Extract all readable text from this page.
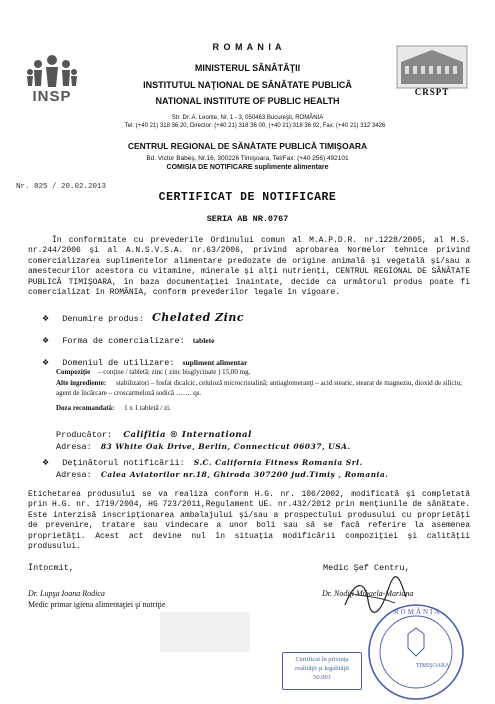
INSP	CRSPT
R O M A N I A
MINISTERUL SĂNĂTĂŢII
INSTITUTUL NAŢIONAL DE SĂNĂTATE PUBLICĂ
NATIONAL INSTITUTE OF PUBLIC HEALTH
Str. Dr. A. Leonte, Nr. 1 - 3, 050463 Bucureşti, ROMÂNIA
Tel: (+40 21) 318 36 20, Director: (+40 21) 318 36 00, (+40 21) 318 36 02, Fax: (+40 21) 312 3426
CENTRUL REGIONAL DE SĂNĂTATE PUBLICĂ TIMIŞOARA
Bd. Victor Babeş, Nr.16, 300226 Timişoara, Tel/Fax: (+40 256) 492101
COMISIA DE NOTIFICARE suplimente alimentare
Nr. 825 / 20.02.2013
CERTIFICAT DE NOTIFICARE
SERIA AB NR.0767
În conformitate cu prevederile Ordinului comun al M.A.P.D.R. nr.1228/2005, al M.S. nr.244/2006 şi al A.N.S.V.S.A. nr.63/2006, privind aprobarea Normelor tehnice privind comercializarea suplimentelor alimentare predozate de origine animală şi vegetală şi/sau a amestecurilor acestora cu vitamine, minerale şi alţi nutrienţi, CENTRUL REGIONAL DE SĂNĂTATE PUBLICĂ TIMIŞOARA, în baza documentaţiei înaintate, decide ca următorul produs poate fi comercializat în ROMÂNIA, conform prevederilor legale în vigoare.
❖ Denumire produs: Chelated Zinc
❖ Forma de comercializare: tablete
❖ Domeniul de utilizare: supliment alimentar
Compoziţie – conţine / tabletă: zinc ( zinc bisglycinate ) 15,00 mg.
Alte ingrediente: stabilizatori – fosfat dicalcic, celuloză microcristalină; antiaglomeranţi – acid stearic, stearat de magneziu, dioxid de siliciu; agent de încărcare – croscarmeloză sodică ……. qs.
Doza recomandată: 1 x 1 tabletă / zi.
Producător: Califitia ® International
Adresa: 83 White Oak Drive, Berlin, Connecticut 06037, USA.
❖ Deţinătorul notificării: S.C. California Fitness Romania Srl.
Adresa: Calea Aviatorilor nr.18, Ghiroda 307200 jud.Timiş , Romania.
Etichetarea produsului se va realiza conform H.G. nr. 106/2002, modificată şi completată prin H.G. nr. 1719/2004, HG 723/2011,Regulament UE. nr.432/2012 prin menţiunile de sănătate. Este interzisă inscripţionarea ambalajului şi/sau a prospectului produsului cu proprietăţi de prevenire, tratare sau vindecare a unor boli sau să se facă referire la asemenea proprietăţi. Acest act devine nul în situaţia modificării compoziţiei şi calităţii produsului.
Întocmit,
Dr. Lupşa Ioana Rodica
Medic primar igiena alimentaţiei şi nutriţie
Medic Şef Centru,
Dr. Nodiţi Mihaela-Mariana
ROMÂNIA
TIMIŞOARA
Certificat în privinţa
realităţii şi legalităţii
50.001
